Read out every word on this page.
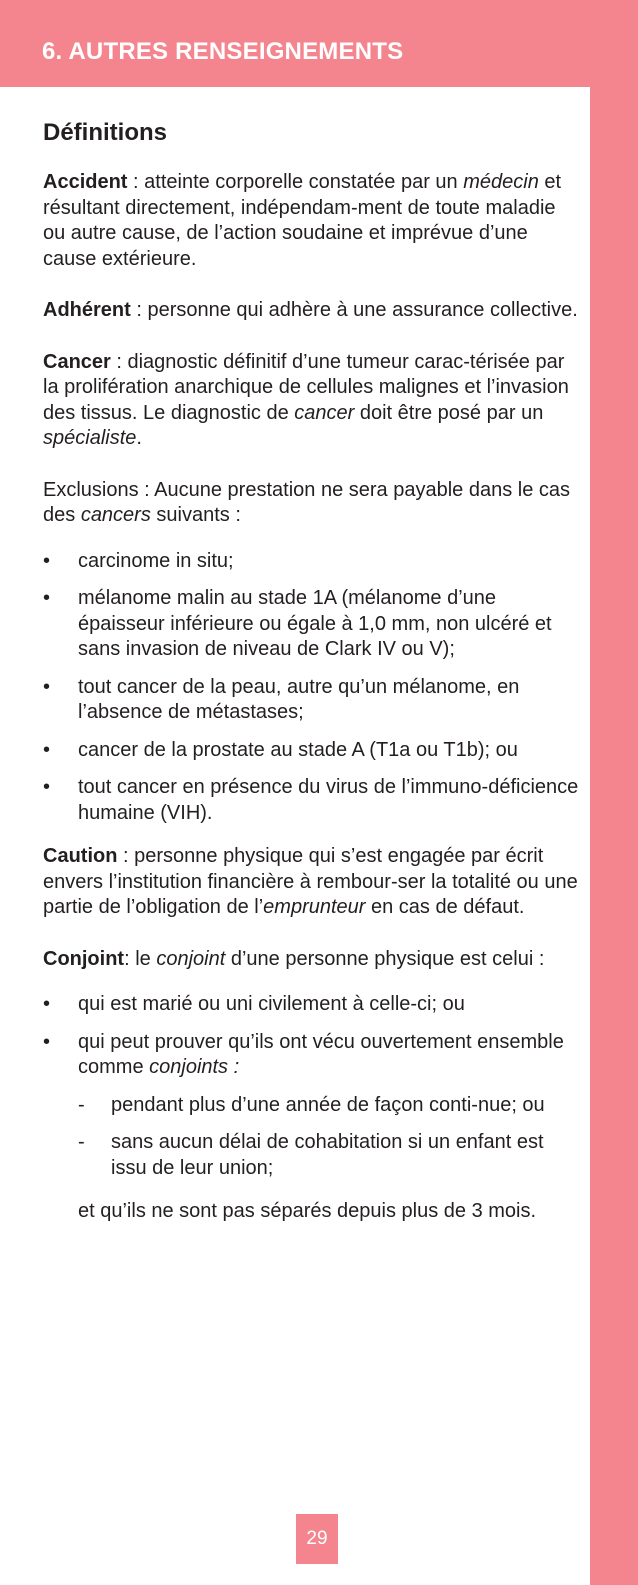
6. AUTRES RENSEIGNEMENTS
Définitions

Accident : atteinte corporelle constatée par un médecin et résultant directement, indépendam-ment de toute maladie ou autre cause, de l’action soudaine et imprévue d’une cause extérieure.

Adhérent : personne qui adhère à une assurance collective.

Cancer : diagnostic définitif d’une tumeur carac-térisée par la prolifération anarchique de cellules malignes et l’invasion des tissus. Le diagnostic de cancer doit être posé par un spécialiste.

Exclusions : Aucune prestation ne sera payable dans le cas des cancers suivants :

• carcinome in situ;
• mélanome malin au stade 1A (mélanome d’une épaisseur inférieure ou égale à 1,0 mm, non ulcéré et sans invasion de niveau de Clark IV ou V);
• tout cancer de la peau, autre qu’un mélanome, en l’absence de métastases;
• cancer de la prostate au stade A (T1a ou T1b); ou
• tout cancer en présence du virus de l’immuno-déficience humaine (VIH).

Caution : personne physique qui s’est engagée par écrit envers l’institution financière à rembour-ser la totalité ou une partie de l’obligation de l’emprunteur en cas de défaut.

Conjoint: le conjoint d’une personne physique est celui :

• qui est marié ou uni civilement à celle-ci; ou
• qui peut prouver qu’ils ont vécu ouvertement ensemble comme conjoints :
- pendant plus d’une année de façon conti-nue; ou
- sans aucun délai de cohabitation si un enfant est issu de leur union;

et qu’ils ne sont pas séparés depuis plus de 3 mois.

29
